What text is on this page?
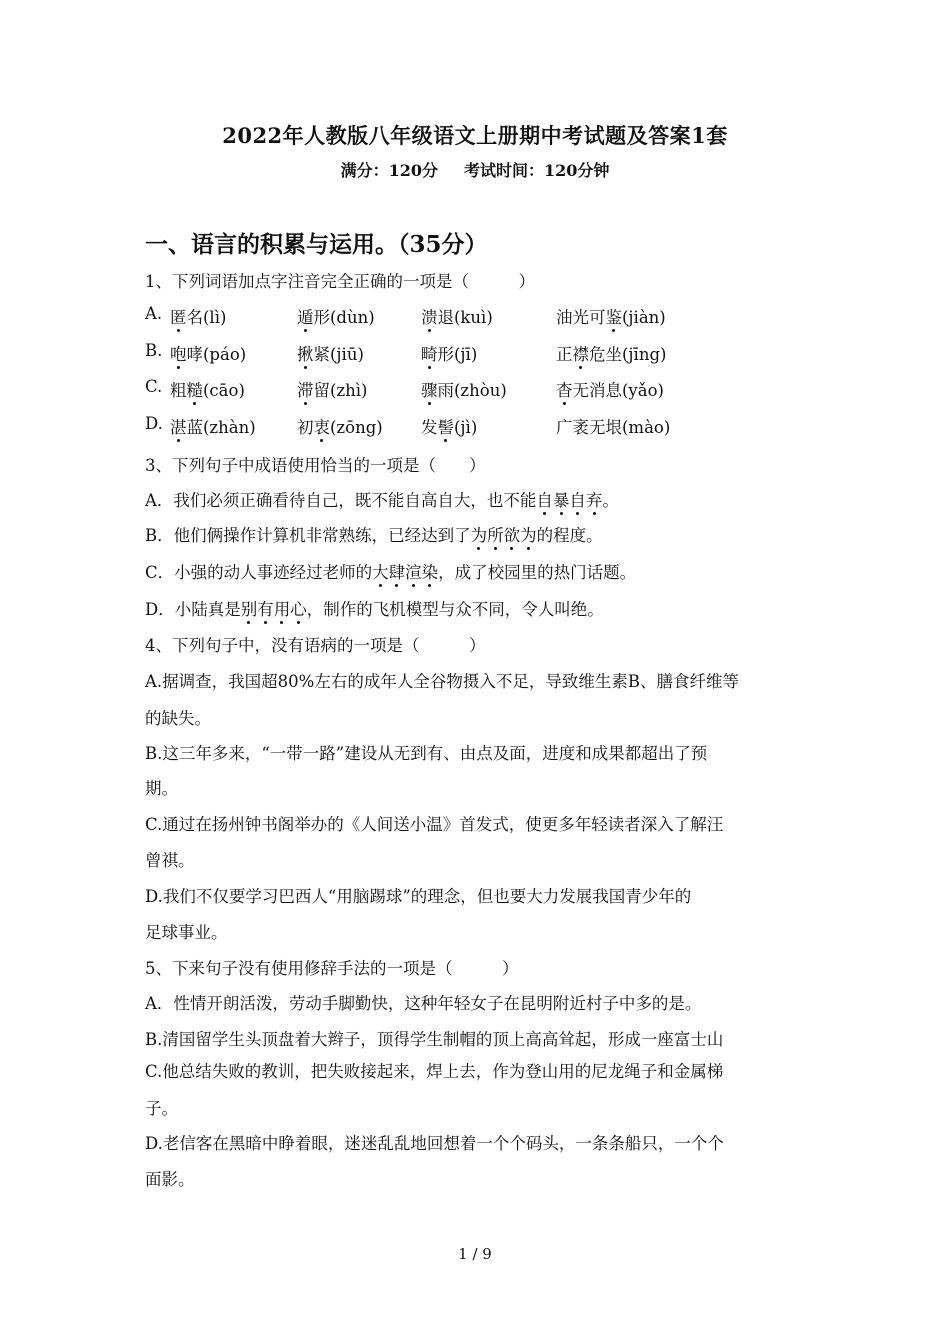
2022年人教版八年级语文上册期中考试题及答案1套
满分：120分 考试时间：120分钟
一、语言的积累与运用。（35分）
1、下列词语加点字注音完全正确的一项是（　　　）
A. 匿名(lì)	遁形(dùn)	溃退(kuì)	油光可鉴(jiàn)
B. 咆哮(páo)	揪紧(jiū)	畸形(jī)	正襟危坐(jīng)
C. 粗糙(cāo)	滞留(zhì)	骤雨(zhòu)	杳无消息(yǎo)
D. 湛蓝(zhàn)	初衷(zōng) 发髻(jì)	广袤无垠(mào)
3、下列句子中成语使用恰当的一项是（　　）
A．我们必须正确看待自己，既不能自高自大，也不能自暴自弃。
B．他们俩操作计算机非常熟练，已经达到了为所欲为的程度。
C．小强的动人事迹经过老师的大肆渲染，成了校园里的热门话题。
D．小陆真是别有用心，制作的飞机模型与众不同，令人叫绝。
4、下列句子中，没有语病的一项是（　　　）
A.据调查，我国超80%左右的成年人全谷物摄入不足，导致维生素B、膳食纤维等
的缺失。
B.这三年多来，“一带一路”建设从无到有、由点及面，进度和成果都超出了预
期。
C.通过在扬州钟书阁举办的《人间送小温》首发式，使更多年轻读者深入了解汪
曾祺。
D.我们不仅要学习巴西人“用脑踢球”的理念，但也要大力发展我国青少年的
足球事业。
5、下来句子没有使用修辞手法的一项是（　　　）
A．性情开朗活泼，劳动手脚勤快，这种年轻女子在昆明附近村子中多的是。
B.清国留学生头顶盘着大辫子，顶得学生制帽的顶上高高耸起，形成一座富士山
C.他总结失败的教训，把失败接起来，焊上去，作为登山用的尼龙绳子和金属梯
子。
D.老信客在黑暗中睁着眼，迷迷乱乱地回想着一个个码头，一条条船只，一个个
面影。
1 / 9
